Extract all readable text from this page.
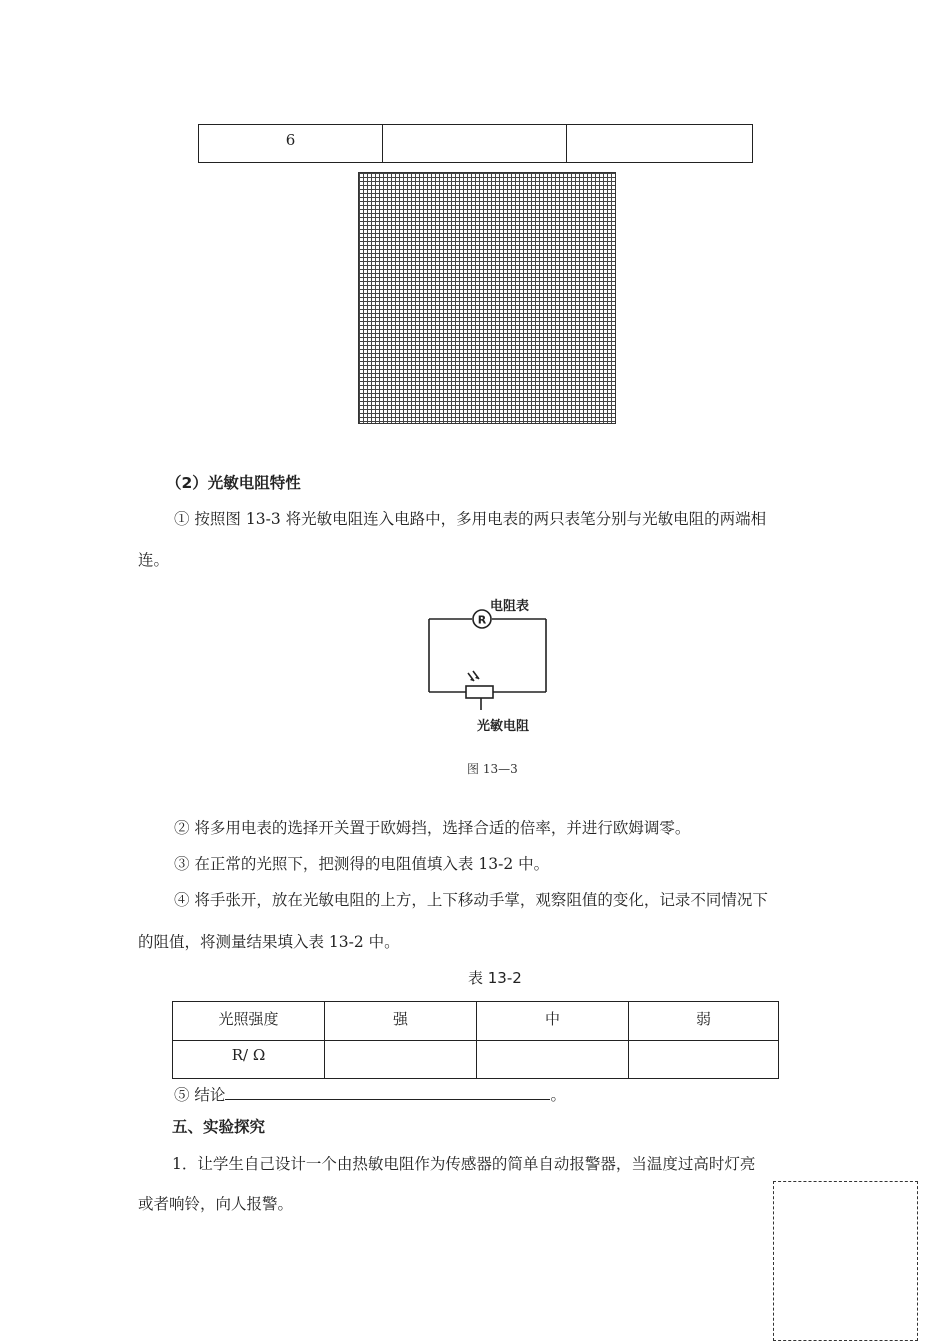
6		
（2）光敏电阻特性
① 按照图 13-3 将光敏电阻连入电路中，多用电表的两只表笔分别与光敏电阻的两端相
连。
R
电阻表
光敏电阻
图 13—3
② 将多用电表的选择开关置于欧姆挡，选择合适的倍率，并进行欧姆调零。
③ 在正常的光照下，把测得的电阻值填入表 13-2 中。
④ 将手张开，放在光敏电阻的上方，上下移动手掌，观察阻值的变化，记录不同情况下
的阻值，将测量结果填入表 13-2 中。
表 13-2
光照强度	强	中	弱
R/ Ω			
⑤ 结论	。
五、实验探究
1．让学生自己设计一个由热敏电阻作为传感器的简单自动报警器，当温度过高时灯亮
或者响铃，向人报警。
